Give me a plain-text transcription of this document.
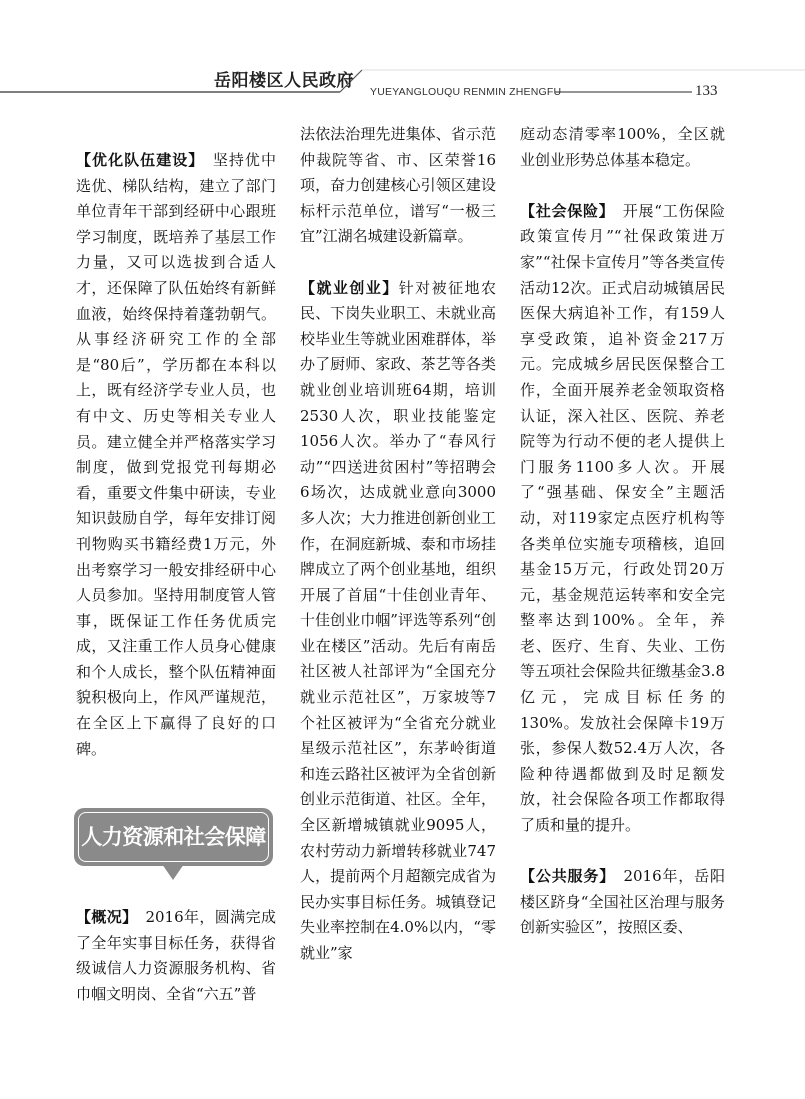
岳阳楼区人民政府
YUEYANGLOUQU RENMIN ZHENGFU	133

【优化队伍建设】　 坚持优中选优、梯队结构，建立了部门单位青年干部到经研中心跟班学习制度，既培养了基层工作力量，又可以选拔到合适人才，还保障了队伍始终有新鲜血液，始终保持着蓬勃朝气。从事经济研究工作的全部是“80后”，学历都在本科以上，既有经济学专业人员，也有中文、历史等相关专业人员。建立健全并严格落实学习制度，做到党报党刊每期必看，重要文件集中研读，专业知识鼓励自学，每年安排订阅刊物购买书籍经费1万元，外出考察学习一般安排经研中心人员参加。坚持用制度管人管事，既保证工作任务优质完成，又注重工作人员身心健康和个人成长，整个队伍精神面貌积极向上，作风严谨规范，在全区上下赢得了良好的口碑。

人力资源和社会保障工作

【概况】　 2016年，圆满完成了全年实事目标任务，获得省级诚信人力资源服务机构、省巾帼文明岗、全省“六五”普

法依法治理先进集体、省示范仲裁院等省、市、区荣誉16项，奋力创建核心引领区建设标杆示范单位，谱写“一极三宜”江湖名城建设新篇章。

【就业创业】针对被征地农民、下岗失业职工、未就业高校毕业生等就业困难群体，举办了厨师、家政、茶艺等各类就业创业培训班64期，培训2530人次，职业技能鉴定1056人次。举办了“春风行动”“四送进贫困村”等招聘会6场次，达成就业意向3000多人次；大力推进创新创业工作，在洞庭新城、泰和市场挂牌成立了两个创业基地，组织开展了首届“十佳创业青年、十佳创业巾帼”评选等系列“创业在楼区”活动。先后有南岳社区被人社部评为“全国充分就业示范社区”，万家坡等7个社区被评为“全省充分就业星级示范社区”，东茅岭街道和连云路社区被评为全省创新创业示范街道、社区。全年，全区新增城镇就业9095人，农村劳动力新增转移就业747人，提前两个月超额完成省为民办实事目标任务。城镇登记失业率控制在4.0%以内，“零就业”家

庭动态清零率100%，全区就业创业形势总体基本稳定。

【社会保险】　 开展“工伤保险政策宣传月”“社保政策进万家”“社保卡宣传月”等各类宣传活动12次。正式启动城镇居民医保大病追补工作，有159人享受政策，追补资金217万元。完成城乡居民医保整合工作，全面开展养老金领取资格认证，深入社区、医院、养老院等为行动不便的老人提供上门服务1100多人次。开展了“强基础、保安全”主题活动，对119家定点医疗机构等各类单位实施专项稽核，追回基金15万元，行政处罚20万元，基金规范运转率和安全完整率达到100%。全年，养老、医疗、生育、失业、工伤等五项社会保险共征缴基金3.8亿元，完成目标任务的130%。发放社会保障卡19万张，参保人数52.4万人次，各险种待遇都做到及时足额发放，社会保险各项工作都取得了质和量的提升。

【公共服务】　 2016年，岳阳楼区跻身“全国社区治理与服务创新实验区”，按照区委、
